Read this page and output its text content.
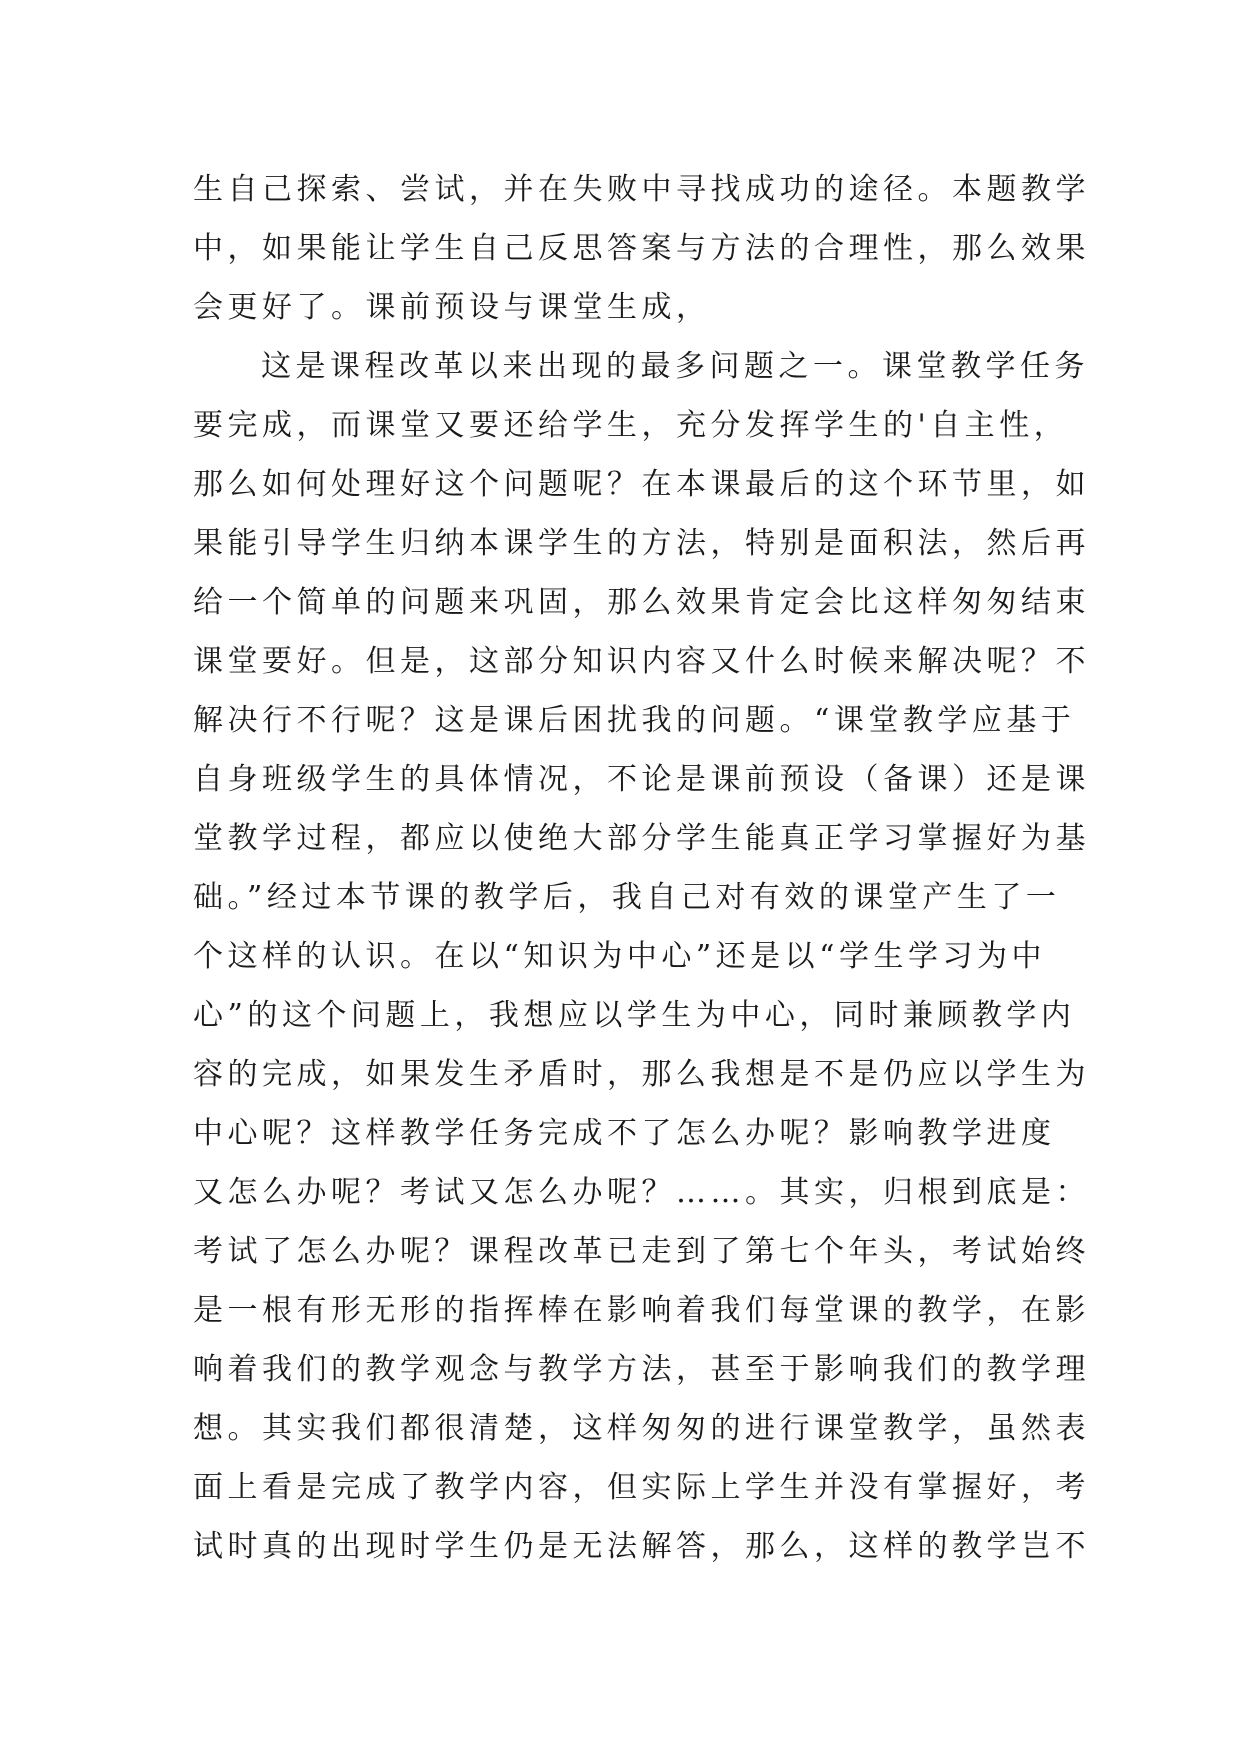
生自己探索、尝试，并在失败中寻找成功的途径。本题教学
中，如果能让学生自己反思答案与方法的合理性，那么效果
会更好了。课前预设与课堂生成，
这是课程改革以来出现的最多问题之一。课堂教学任务
要完成，而课堂又要还给学生，充分发挥学生的'自主性，
那么如何处理好这个问题呢？在本课最后的这个环节里，如
果能引导学生归纳本课学生的方法，特别是面积法，然后再
给一个简单的问题来巩固，那么效果肯定会比这样匆匆结束
课堂要好。但是，这部分知识内容又什么时候来解决呢？不
解决行不行呢？这是课后困扰我的问题。“课堂教学应基于
自身班级学生的具体情况，不论是课前预设（备课）还是课
堂教学过程，都应以使绝大部分学生能真正学习掌握好为基
础。”经过本节课的教学后，我自己对有效的课堂产生了一
个这样的认识。在以“知识为中心”还是以“学生学习为中
心”的这个问题上，我想应以学生为中心，同时兼顾教学内
容的完成，如果发生矛盾时，那么我想是不是仍应以学生为
中心呢？这样教学任务完成不了怎么办呢？影响教学进度
又怎么办呢？考试又怎么办呢？……。其实，归根到底是：
考试了怎么办呢？课程改革已走到了第七个年头，考试始终
是一根有形无形的指挥棒在影响着我们每堂课的教学，在影
响着我们的教学观念与教学方法，甚至于影响我们的教学理
想。其实我们都很清楚，这样匆匆的进行课堂教学，虽然表
面上看是完成了教学内容，但实际上学生并没有掌握好，考
试时真的出现时学生仍是无法解答，那么，这样的教学岂不
